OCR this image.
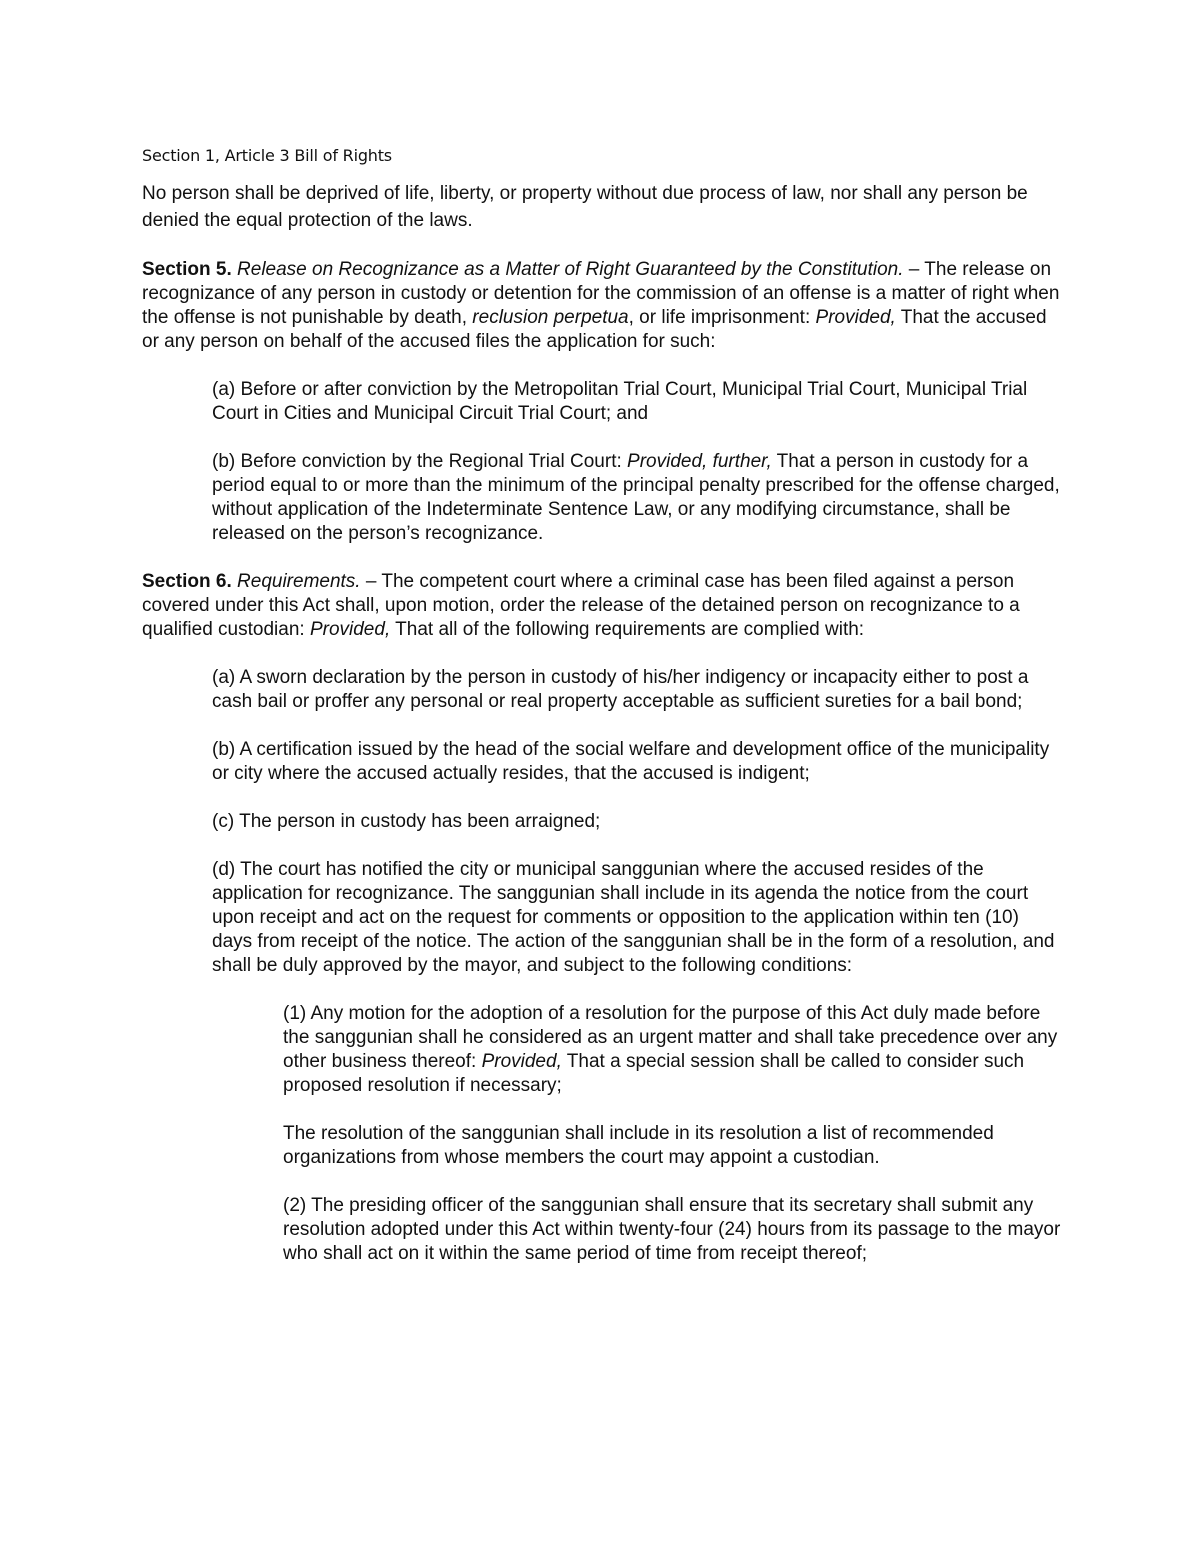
Section 1, Article 3 Bill of Rights

No person shall be deprived of life, liberty, or property without due process of law, nor shall any person be denied the equal protection of the laws.

Section 5. Release on Recognizance as a Matter of Right Guaranteed by the Constitution. – The release on recognizance of any person in custody or detention for the commission of an offense is a matter of right when the offense is not punishable by death, reclusion perpetua, or life imprisonment: Provided, That the accused or any person on behalf of the accused files the application for such:

(a) Before or after conviction by the Metropolitan Trial Court, Municipal Trial Court, Municipal Trial Court in Cities and Municipal Circuit Trial Court; and

(b) Before conviction by the Regional Trial Court: Provided, further, That a person in custody for a period equal to or more than the minimum of the principal penalty prescribed for the offense charged, without application of the Indeterminate Sentence Law, or any modifying circumstance, shall be released on the person’s recognizance.

Section 6. Requirements. – The competent court where a criminal case has been filed against a person covered under this Act shall, upon motion, order the release of the detained person on recognizance to a qualified custodian: Provided, That all of the following requirements are complied with:

(a) A sworn declaration by the person in custody of his/her indigency or incapacity either to post a cash bail or proffer any personal or real property acceptable as sufficient sureties for a bail bond;

(b) A certification issued by the head of the social welfare and development office of the municipality or city where the accused actually resides, that the accused is indigent;

(c) The person in custody has been arraigned;

(d) The court has notified the city or municipal sanggunian where the accused resides of the application for recognizance. The sanggunian shall include in its agenda the notice from the court upon receipt and act on the request for comments or opposition to the application within ten (10) days from receipt of the notice. The action of the sanggunian shall be in the form of a resolution, and shall be duly approved by the mayor, and subject to the following conditions:

(1) Any motion for the adoption of a resolution for the purpose of this Act duly made before the sanggunian shall he considered as an urgent matter and shall take precedence over any other business thereof: Provided, That a special session shall be called to consider such proposed resolution if necessary;

The resolution of the sanggunian shall include in its resolution a list of recommended organizations from whose members the court may appoint a custodian.

(2) The presiding officer of the sanggunian shall ensure that its secretary shall submit any resolution adopted under this Act within twenty-four (24) hours from its passage to the mayor who shall act on it within the same period of time from receipt thereof;
